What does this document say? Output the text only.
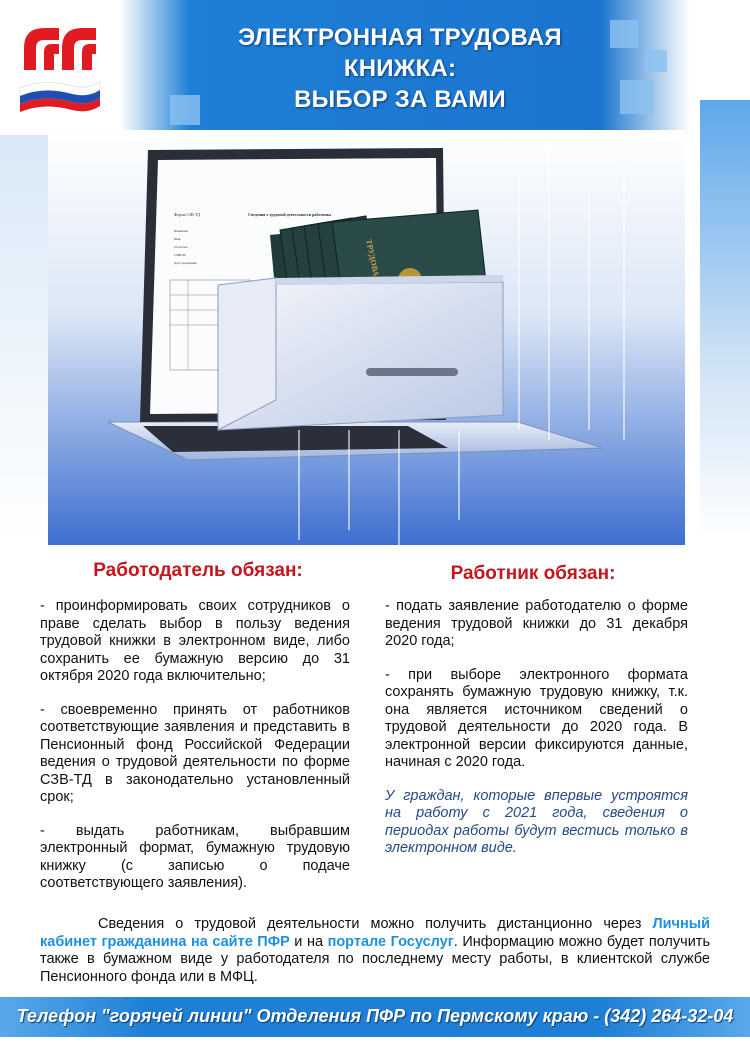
ЭЛЕКТРОННАЯ ТРУДОВАЯ КНИЖКА:
ВЫБОР ЗА ВАМИ
Форма СЗВ-ТД	Сведения о трудовой деятельности работника
Фамилия
Имя
Отчество
СНИЛС
Дата рождения
Работодатель обязан:	Работник обязан:

- проинформировать своих сотрудников о праве сделать выбор в пользу ведения трудовой книжки в электронном виде, либо сохранить ее бумажную версию до 31 октября 2020 года включительно;

- своевременно принять от работников соответствующие заявления и представить в Пенсионный фонд Российской Федерации ведения о трудовой деятельности по форме СЗВ-ТД в законодательно установленный срок;

- выдать работникам, выбравшим электронный формат, бумажную трудовую книжку (с записью о подаче соответствующего заявления).

- подать заявление работодателю о форме ведения трудовой книжки до 31 декабря 2020 года;

- при выборе электронного формата сохранять бумажную трудовую книжку, т.к. она является источником сведений о трудовой деятельности до 2020 года. В электронной версии фиксируются данные, начиная с 2020 года.

У граждан, которые впервые устроятся на работу с 2021 года, сведения о периодах работы будут вестись только в электронном виде.

Сведения о трудовой деятельности можно получить дистанционно через Личный кабинет гражданина на сайте ПФР и на портале Госуслуг. Информацию можно будет получить также в бумажном виде у работодателя по последнему месту работы, в клиентской службе Пенсионного фонда или в МФЦ.
Телефон "горячей линии" Отделения ПФР по Пермскому краю - (342) 264-32-04
